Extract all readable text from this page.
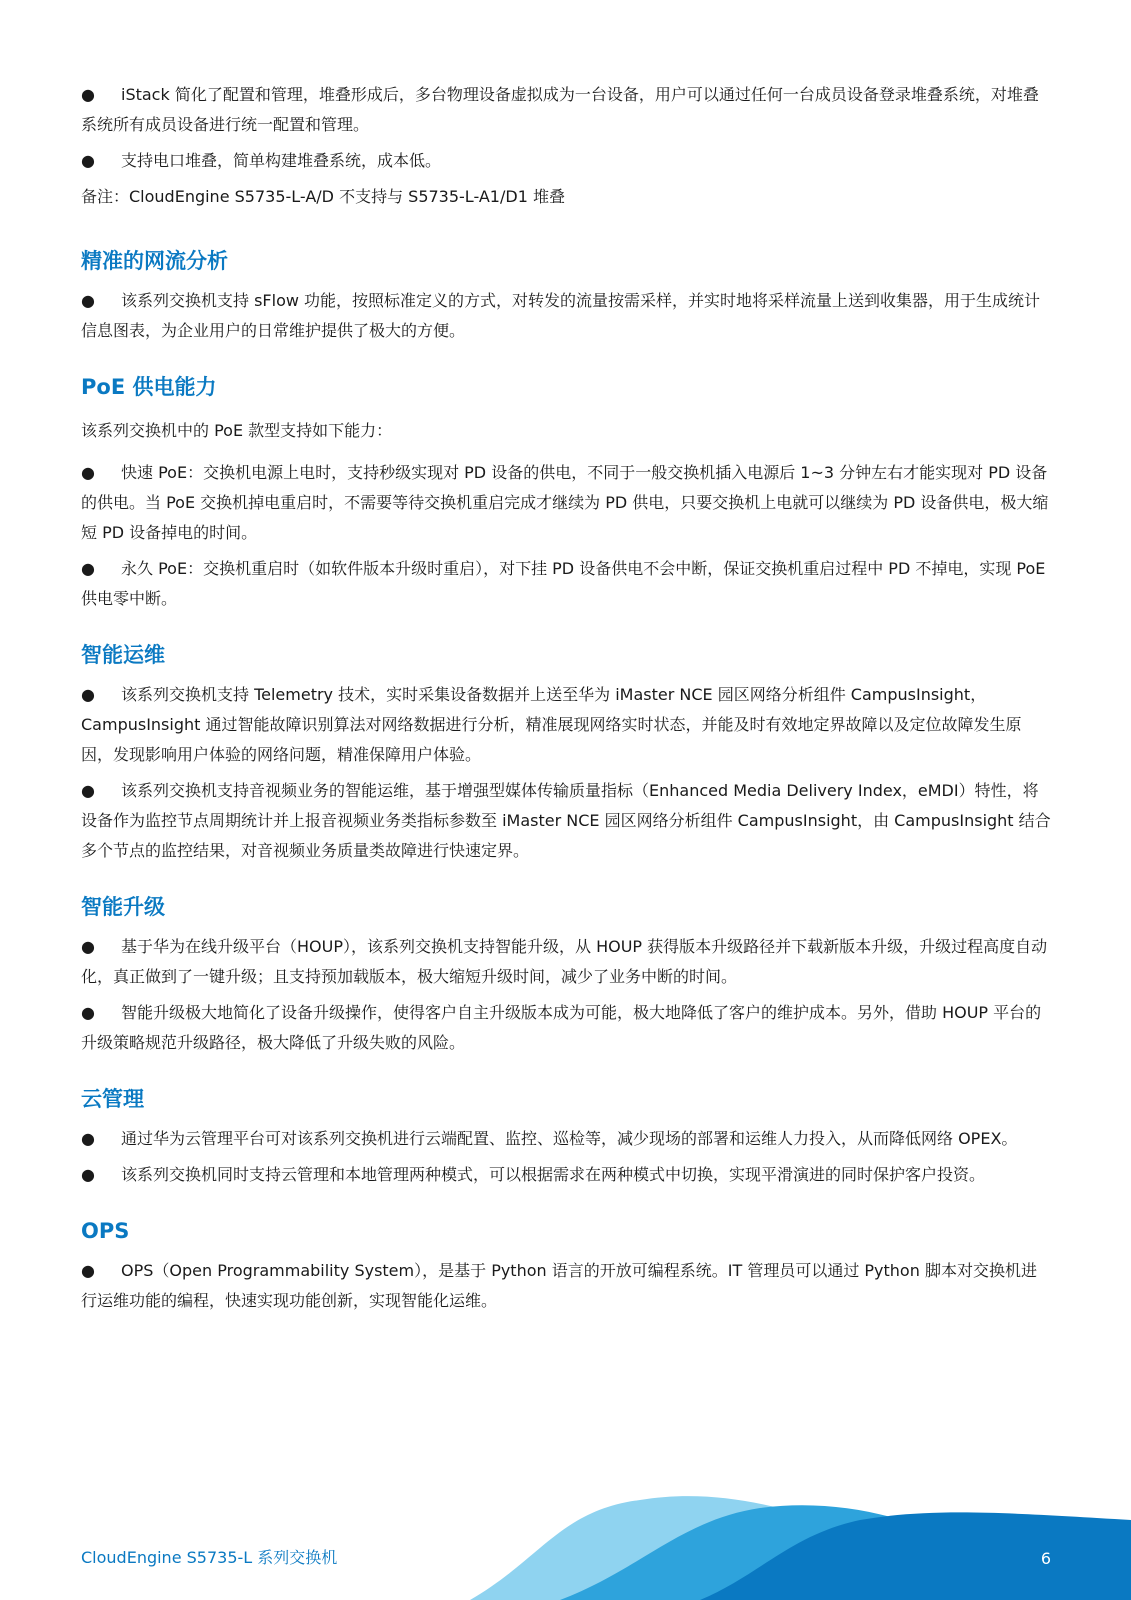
● iStack 简化了配置和管理，堆叠形成后，多台物理设备虚拟成为一台设备，用户可以通过任何一台成员设备登录堆叠系统，对堆叠系统所有成员设备进行统一配置和管理。

● 支持电口堆叠，简单构建堆叠系统，成本低。

备注：CloudEngine S5735-L-A/D 不支持与 S5735-L-A1/D1 堆叠

精准的网流分析

● 该系列交换机支持 sFlow 功能，按照标准定义的方式，对转发的流量按需采样，并实时地将采样流量上送到收集器，用于生成统计信息图表，为企业用户的日常维护提供了极大的方便。

PoE 供电能力

该系列交换机中的 PoE 款型支持如下能力：

● 快速 PoE：交换机电源上电时，支持秒级实现对 PD 设备的供电，不同于一般交换机插入电源后 1~3 分钟左右才能实现对 PD 设备的供电。当 PoE 交换机掉电重启时，不需要等待交换机重启完成才继续为 PD 供电，只要交换机上电就可以继续为 PD 设备供电，极大缩短 PD 设备掉电的时间。

● 永久 PoE：交换机重启时（如软件版本升级时重启），对下挂 PD 设备供电不会中断，保证交换机重启过程中 PD 不掉电，实现 PoE 供电零中断。

智能运维

● 该系列交换机支持 Telemetry 技术，实时采集设备数据并上送至华为 iMaster NCE 园区网络分析组件 CampusInsight，CampusInsight 通过智能故障识别算法对网络数据进行分析，精准展现网络实时状态，并能及时有效地定界故障以及定位故障发生原因，发现影响用户体验的网络问题，精准保障用户体验。

● 该系列交换机支持音视频业务的智能运维，基于增强型媒体传输质量指标（Enhanced Media Delivery Index，eMDI）特性，将设备作为监控节点周期统计并上报音视频业务类指标参数至 iMaster NCE 园区网络分析组件 CampusInsight，由 CampusInsight 结合多个节点的监控结果，对音视频业务质量类故障进行快速定界。

智能升级

● 基于华为在线升级平台（HOUP），该系列交换机支持智能升级，从 HOUP 获得版本升级路径并下载新版本升级，升级过程高度自动化，真正做到了一键升级；且支持预加载版本，极大缩短升级时间，减少了业务中断的时间。

● 智能升级极大地简化了设备升级操作，使得客户自主升级版本成为可能，极大地降低了客户的维护成本。另外，借助 HOUP 平台的升级策略规范升级路径，极大降低了升级失败的风险。

云管理

● 通过华为云管理平台可对该系列交换机进行云端配置、监控、巡检等，减少现场的部署和运维人力投入，从而降低网络 OPEX。

● 该系列交换机同时支持云管理和本地管理两种模式，可以根据需求在两种模式中切换，实现平滑演进的同时保护客户投资。

OPS

● OPS（Open Programmability System），是基于 Python 语言的开放可编程系统。IT 管理员可以通过 Python 脚本对交换机进行运维功能的编程，快速实现功能创新，实现智能化运维。

CloudEngine S5735-L 系列交换机	6
